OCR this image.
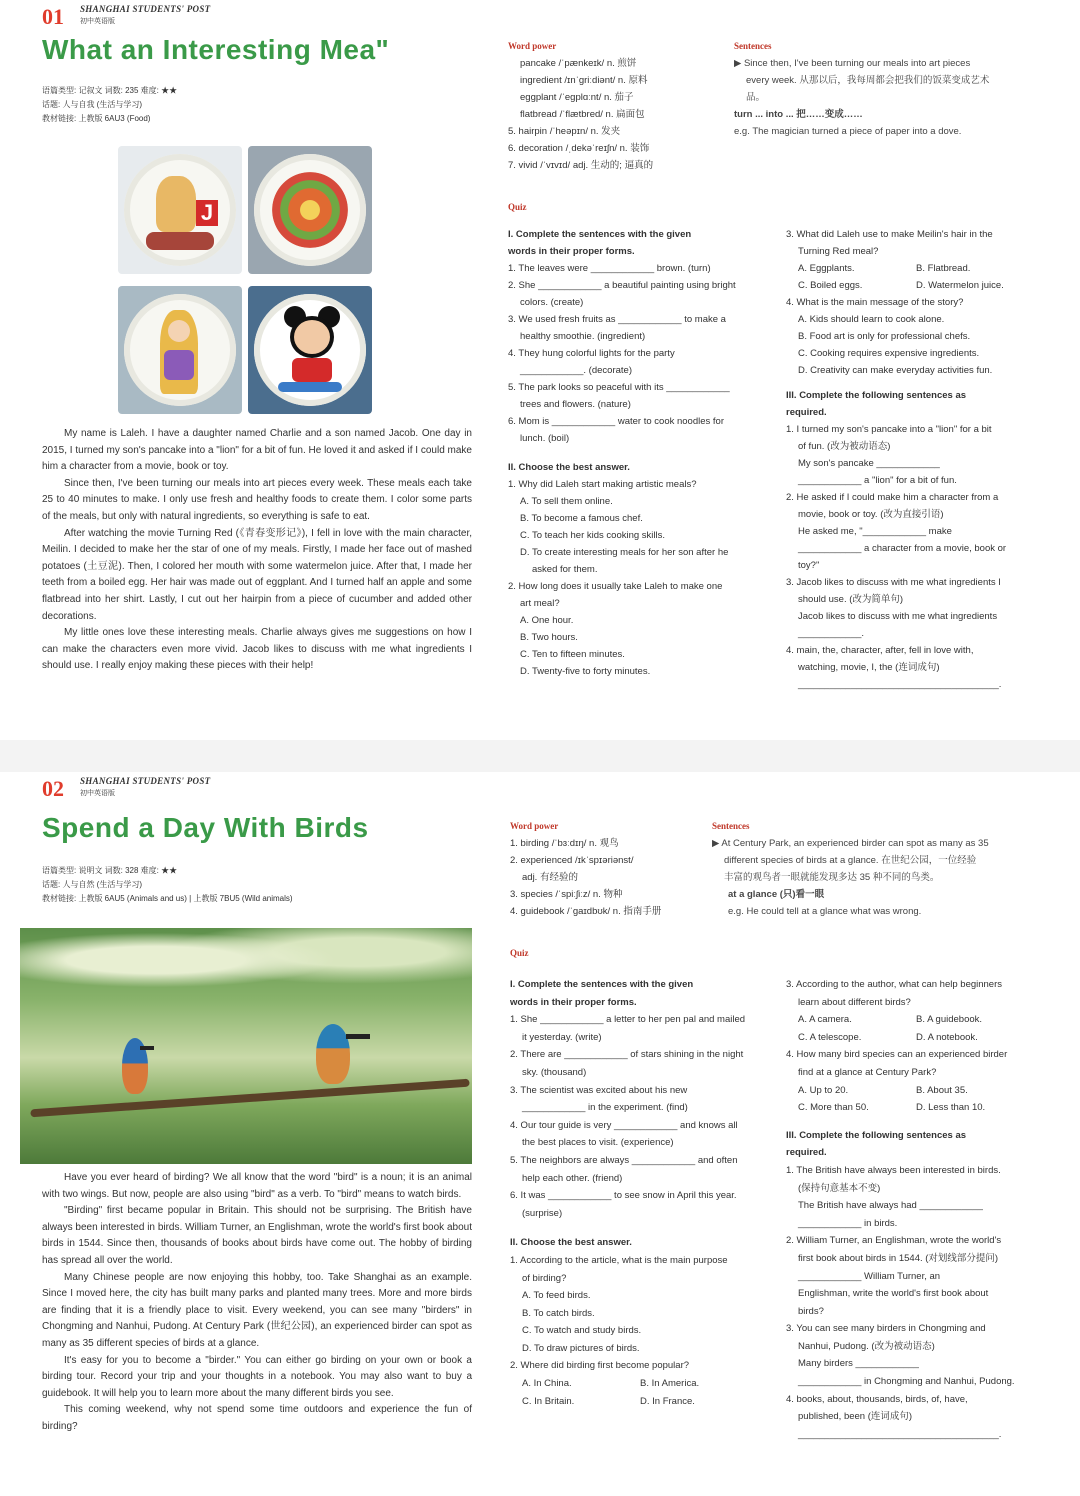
01 SHANGHAI STUDENTS' POST
初中英语版
What an Interesting Mea"
语篇类型: 记叙文 词数: 235 难度: ★★
话题: 人与自我 (生活与学习)
教材链接: 上教版 6AU3 (Food)
J

My name is Laleh. I have a daughter named Charlie and a son named Jacob. One day in 2015, I turned my son's pancake into a "lion" for a bit of fun. He loved it and asked if I could make him a character from a movie, book or toy.

Since then, I've been turning our meals into art pieces every week. These meals each take 25 to 40 minutes to make. I only use fresh and healthy foods to create them. I color some parts of the meals, but only with natural ingredients, so everything is safe to eat.

After watching the movie Turning Red (《青春变形记》), I fell in love with the main character, Meilin. I decided to make her the star of one of my meals. Firstly, I made her face out of mashed potatoes (土豆泥). Then, I colored her mouth with some watermelon juice. After that, I made her teeth from a boiled egg. Her hair was made out of eggplant. And I turned half an apple and some flatbread into her shirt. Lastly, I cut out her hairpin from a piece of cucumber and added other decorations.

My little ones love these interesting meals. Charlie always gives me suggestions on how I can make the characters even more vivid. Jacob likes to discuss with me what ingredients I should use. I really enjoy making these pieces with their help!

Word power
pancake /ˈpænkeɪk/ n. 煎饼
ingredient /ɪnˈɡriːdiənt/ n. 原料
eggplant /ˈeɡplɑːnt/ n. 茄子
flatbread /ˈflætbred/ n. 扁面包
5. hairpin /ˈheəpɪn/ n. 发夹
6. decoration /ˌdekəˈreɪʃn/ n. 装饰
7. vivid /ˈvɪvɪd/ adj. 生动的; 逼真的
Sentences
▶ Since then, I've been turning our meals into art pieces
every week. 从那以后，我每周都会把我们的饭菜变成艺术
品。
turn ... into ... 把……变成……
e.g. The magician turned a piece of paper into a dove.
Quiz
I. Complete the sentences with the given
words in their proper forms.
1. The leaves were ____________ brown. (turn)
2. She ____________ a beautiful painting using bright
colors. (create)
3. We used fresh fruits as ____________ to make a
healthy smoothie. (ingredient)
4. They hung colorful lights for the party
____________. (decorate)
5. The park looks so peaceful with its ____________
trees and flowers. (nature)
6. Mom is ____________ water to cook noodles for
lunch. (boil)
II. Choose the best answer.
1. Why did Laleh start making artistic meals?
A. To sell them online.
B. To become a famous chef.
C. To teach her kids cooking skills.
D. To create interesting meals for her son after he
asked for them.
2. How long does it usually take Laleh to make one
art meal?
A. One hour.
B. Two hours.
C. Ten to fifteen minutes.
D. Twenty-five to forty minutes.
3. What did Laleh use to make Meilin's hair in the
Turning Red meal?
A. Eggplants.	B. Flatbread.
C. Boiled eggs.	D. Watermelon juice.
4. What is the main message of the story?
A. Kids should learn to cook alone.
B. Food art is only for professional chefs.
C. Cooking requires expensive ingredients.
D. Creativity can make everyday activities fun.
III. Complete the following sentences as
required.
1. I turned my son's pancake into a "lion" for a bit
of fun. (改为被动语态)
My son's pancake ____________
____________ a "lion" for a bit of fun.
2. He asked if I could make him a character from a
movie, book or toy. (改为直接引语)
He asked me, "____________ make
____________ a character from a movie, book or
toy?"
3. Jacob likes to discuss with me what ingredients I
should use. (改为简单句)
Jacob likes to discuss with me what ingredients
____________.
4. main, the, character, after, fell in love with,
watching, movie, I, the (连词成句)
______________________________________.
02 SHANGHAI STUDENTS' POST
初中英语版
Spend a Day With Birds
语篇类型: 说明文 词数: 328 难度: ★★
话题: 人与自然 (生活与学习)
教材链接: 上教版 6AU5 (Animals and us) | 上教版 7BU5 (Wild animals)

Have you ever heard of birding? We all know that the word "bird" is a noun; it is an animal with two wings. But now, people are also using "bird" as a verb. To "bird" means to watch birds.

"Birding" first became popular in Britain. This should not be surprising. The British have always been interested in birds. William Turner, an Englishman, wrote the world's first book about birds in 1544. Since then, thousands of books about birds have come out. The hobby of birding has spread all over the world.

Many Chinese people are now enjoying this hobby, too. Take Shanghai as an example. Since I moved here, the city has built many parks and planted many trees. More and more birds are finding that it is a friendly place to visit. Every weekend, you can see many "birders" in Chongming and Nanhui, Pudong. At Century Park (世纪公园), an experienced birder can spot as many as 35 different species of birds at a glance.

It's easy for you to become a "birder." You can either go birding on your own or book a birding tour. Record your trip and your thoughts in a notebook. You may also want to buy a guidebook. It will help you to learn more about the many different birds you see.

This coming weekend, why not spend some time outdoors and experience the fun of birding?

Word power
1. birding /ˈbɜːdɪŋ/ n. 观鸟
2. experienced /ɪkˈspɪəriənst/
adj. 有经验的
3. species /ˈspiːʃiːz/ n. 物种
4. guidebook /ˈɡaɪdbʊk/ n. 指南手册
Sentences
▶ At Century Park, an experienced birder can spot as many as 35
different species of birds at a glance. 在世纪公园，一位经验
丰富的观鸟者一眼就能发现多达 35 种不同的鸟类。
at a glance (只)看一眼
e.g. He could tell at a glance what was wrong.
Quiz
I. Complete the sentences with the given
words in their proper forms.
1. She ____________ a letter to her pen pal and mailed
it yesterday. (write)
2. There are ____________ of stars shining in the night
sky. (thousand)
3. The scientist was excited about his new
____________ in the experiment. (find)
4. Our tour guide is very ____________ and knows all
the best places to visit. (experience)
5. The neighbors are always ____________ and often
help each other. (friend)
6. It was ____________ to see snow in April this year.
(surprise)
II. Choose the best answer.
1. According to the article, what is the main purpose
of birding?
A. To feed birds.
B. To catch birds.
C. To watch and study birds.
D. To draw pictures of birds.
2. Where did birding first become popular?
A. In China.	B. In America.
C. In Britain.	D. In France.
3. According to the author, what can help beginners
learn about different birds?
A. A camera.	B. A guidebook.
C. A telescope.	D. A notebook.
4. How many bird species can an experienced birder
find at a glance at Century Park?
A. Up to 20.	B. About 35.
C. More than 50.	D. Less than 10.
III. Complete the following sentences as
required.
1. The British have always been interested in birds.
(保持句意基本不变)
The British have always had ____________
____________ in birds.
2. William Turner, an Englishman, wrote the world's
first book about birds in 1544. (对划线部分提问)
____________ William Turner, an
Englishman, write the world's first book about
birds?
3. You can see many birders in Chongming and
Nanhui, Pudong. (改为被动语态)
Many birders ____________
____________ in Chongming and Nanhui, Pudong.
4. books, about, thousands, birds, of, have,
published, been (连词成句)
______________________________________.
